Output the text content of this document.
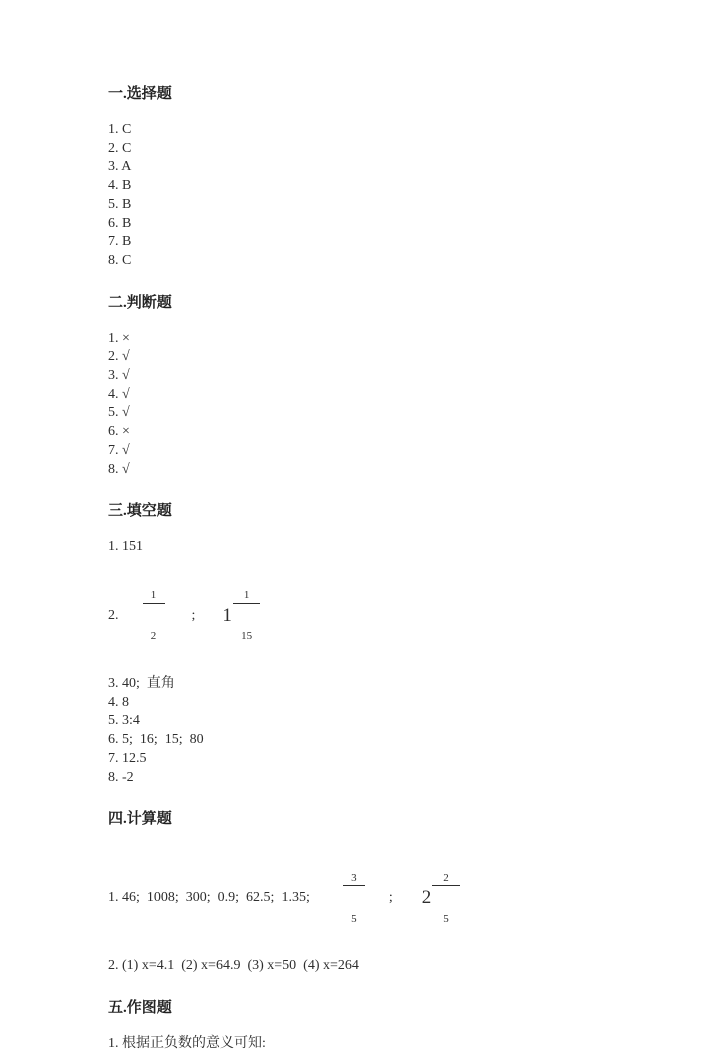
一.选择题
1. C
2. C
3. A
4. B
5. B
6. B
7. B
8. C
二.判断题
1. ×
2. √
3. √
4. √
5. √
6. ×
7. √
8. √
三.填空题
1. 151
2.

$\frac{1}{2}$

; 1

$\frac{1}{15}$

3. 40;  直角
4. 8
5. 3:4
6. 5;  16;  15;  80
7. 12.5
8. -2
四.计算题
1. 46;  1008;  300;  0.9;  62.5;  1.35;

	$\frac{3}{5}$

; 2

$\frac{2}{5}$

2. (1) x=4.1  (2) x=64.9  (3) x=50  (4) x=264
五.作图题
1. 根据正负数的意义可知:
